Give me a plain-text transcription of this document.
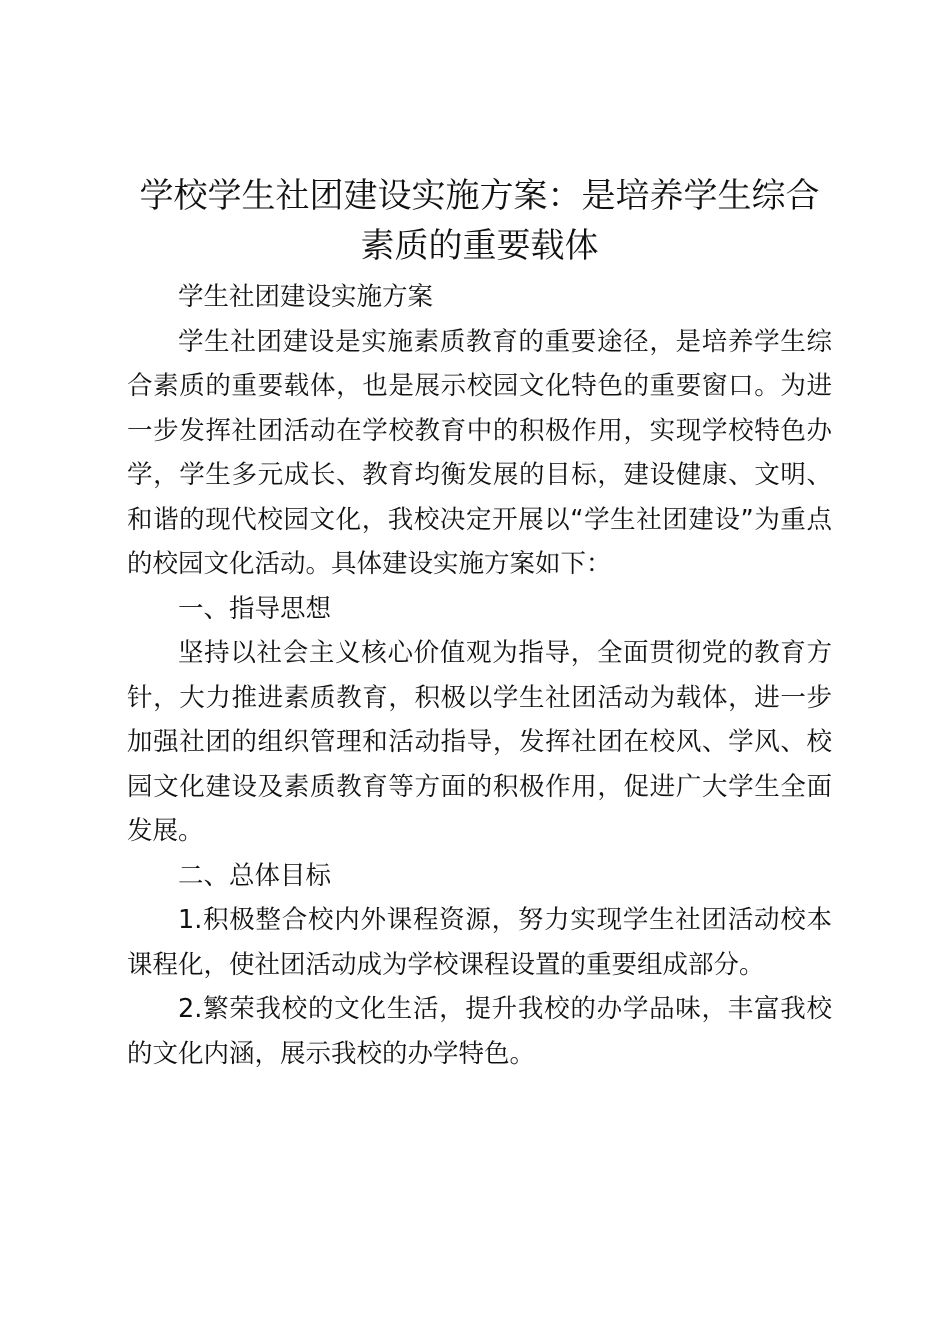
学校学生社团建设实施方案：是培养学生综合
素质的重要载体

学生社团建设实施方案

学生社团建设是实施素质教育的重要途径，是培养学生综合素质的重要载体，也是展示校园文化特色的重要窗口。为进一步发挥社团活动在学校教育中的积极作用，实现学校特色办学，学生多元成长、教育均衡发展的目标，建设健康、文明、和谐的现代校园文化，我校决定开展以“学生社团建设”为重点的校园文化活动。具体建设实施方案如下：

一、指导思想

坚持以社会主义核心价值观为指导，全面贯彻党的教育方针，大力推进素质教育，积极以学生社团活动为载体，进一步加强社团的组织管理和活动指导，发挥社团在校风、学风、校园文化建设及素质教育等方面的积极作用，促进广大学生全面发展。

二、总体目标

1.积极整合校内外课程资源，努力实现学生社团活动校本课程化，使社团活动成为学校课程设置的重要组成部分。

2.繁荣我校的文化生活，提升我校的办学品味，丰富我校的文化内涵，展示我校的办学特色。
